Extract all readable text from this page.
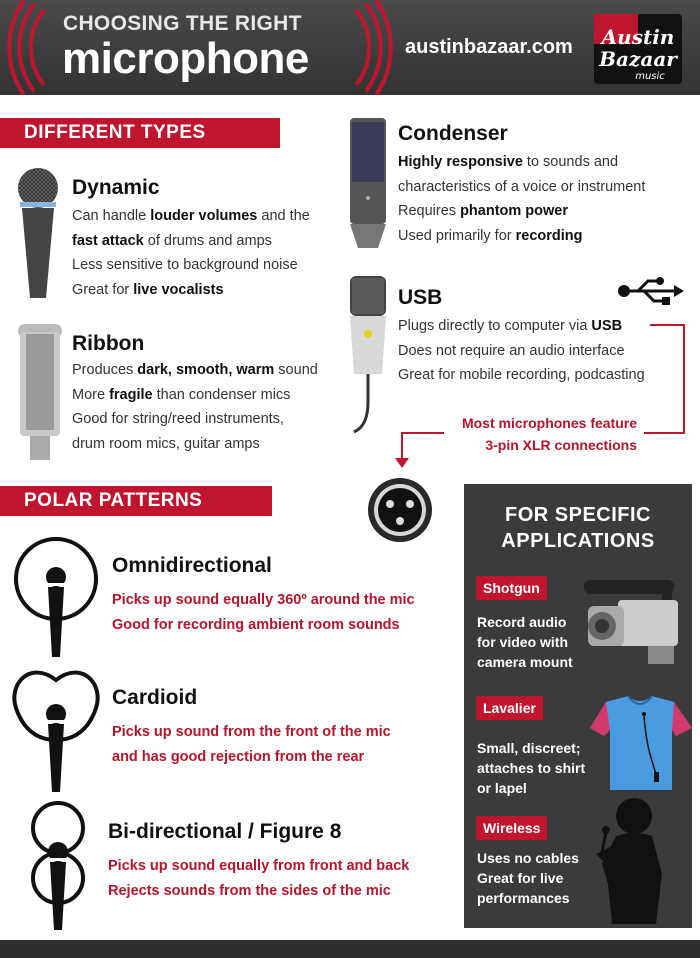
CHOOSING THE RIGHT
microphone	austinbazaar.com Austin
Bazaar
music
DIFFERENT TYPES
Dynamic
Can handle louder volumes and the
fast attack of drums and amps
Less sensitive to background noise
Great for live vocalists
Ribbon
Produces dark, smooth, warm sound
More fragile than condenser mics
Good for string/reed instruments,
drum room mics, guitar amps
Condenser
Highly responsive to sounds and
characteristics of a voice or instrument
Requires phantom power
Used primarily for recording
USB
Plugs directly to computer via USB
Does not require an audio interface
Great for mobile recording, podcasting
Most microphones feature
3-pin XLR connections
POLAR PATTERNS
Omnidirectional
Picks up sound equally 360º around the mic
Good for recording ambient room sounds
Cardioid
Picks up sound from the front of the mic
and has good rejection from the rear
Bi-directional / Figure 8
Picks up sound equally from front and back
Rejects sounds from the sides of the mic
FOR SPECIFIC
APPLICATIONS
Shotgun
Record audio
for video with
camera mount
Lavalier
Small, discreet;
attaches to shirt
or lapel
Wireless
Uses no cables
Great for live
performances
